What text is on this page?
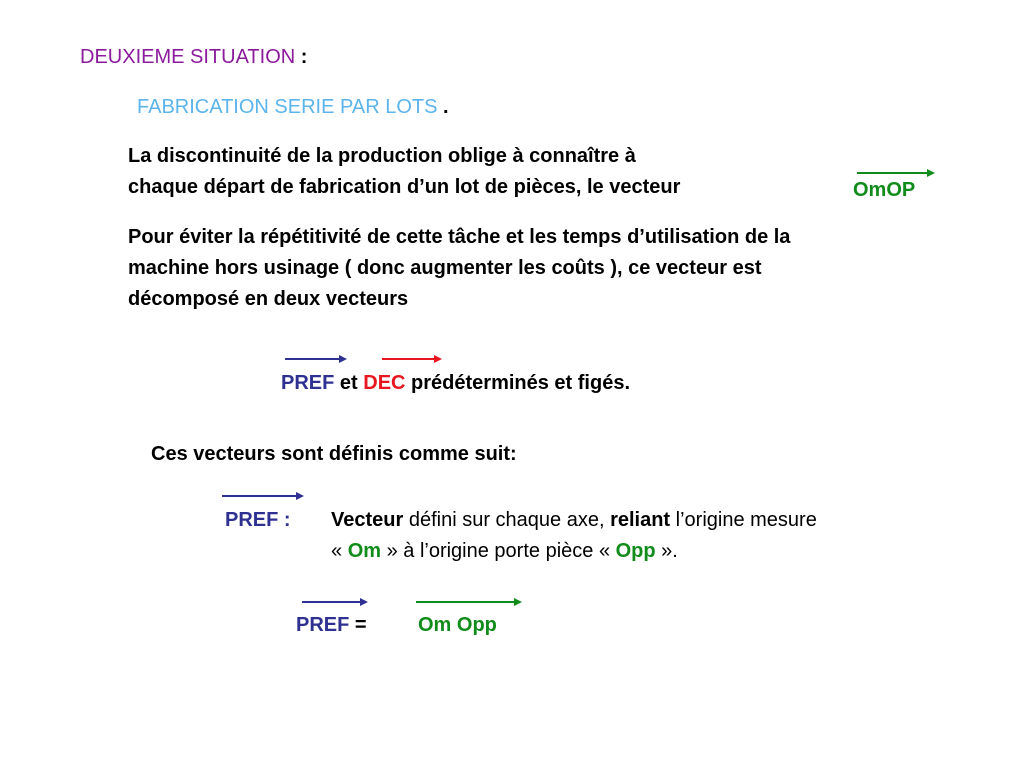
DEUXIEME SITUATION :
FABRICATION SERIE PAR LOTS .
La discontinuité de la production oblige à connaître à
chaque départ de fabrication d’un lot de pièces, le vecteur	OmOP
Pour éviter la répétitivité de cette tâche et les temps d’utilisation de la
machine hors usinage ( donc augmenter les coûts ), ce vecteur est
décomposé en deux vecteurs
PREF et DEC prédéterminés et figés.
Ces vecteurs sont définis comme suit:
PREF : Vecteur défini sur chaque axe, reliant l’origine mesure
« Om » à l’origine porte pièce « Opp ».
PREF =	Om Opp
